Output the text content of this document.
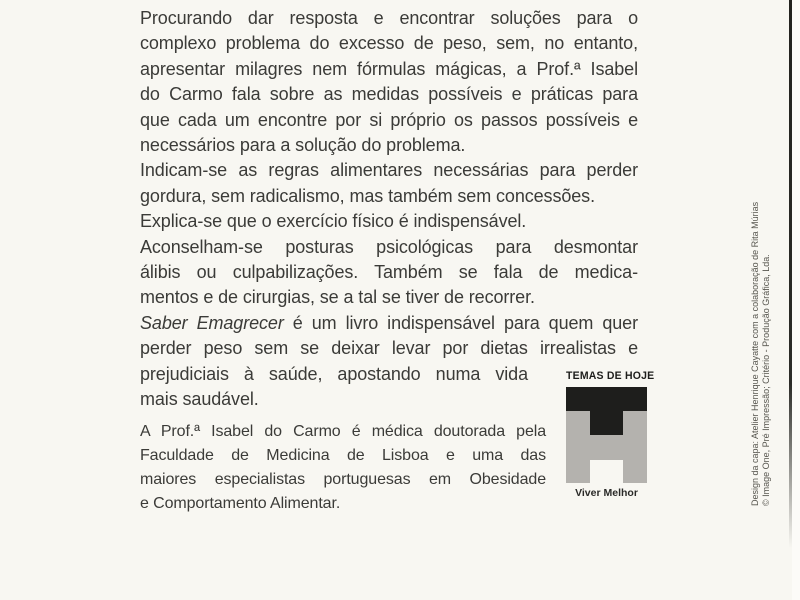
Procurando dar resposta e encontrar soluções para o
complexo problema do excesso de peso, sem, no entanto,
apresentar milagres nem fórmulas mágicas, a Prof.ª Isabel
do Carmo fala sobre as medidas possíveis e práticas para
que cada um encontre por si próprio os passos possíveis e
necessários para a solução do problema.
Indicam-se as regras alimentares necessárias para perder
gordura, sem radicalismo, mas também sem concessões.
Explica-se que o exercício físico é indispensável.
Aconselham-se posturas psicológicas para desmontar
álibis ou culpabilizações. Também se fala de medica-
mentos e de cirurgias, se a tal se tiver de recorrer.
Saber Emagrecer é um livro indispensável para quem quer
perder peso sem se deixar levar por dietas irrealistas e
prejudiciais à saúde, apostando numa vida
mais saudável.
A Prof.ª Isabel do Carmo é médica doutorada pela
Faculdade de Medicina de Lisboa e uma das
maiores especialistas portuguesas em Obesidade
e Comportamento Alimentar.
TEMAS DE HOJE
Viver Melhor	Design da capa: Atelier Henrique Cayatte com a colaboração de Rita Múrias © Image One, Pré Impressão; Critério - Produção Gráfica, Lda.
